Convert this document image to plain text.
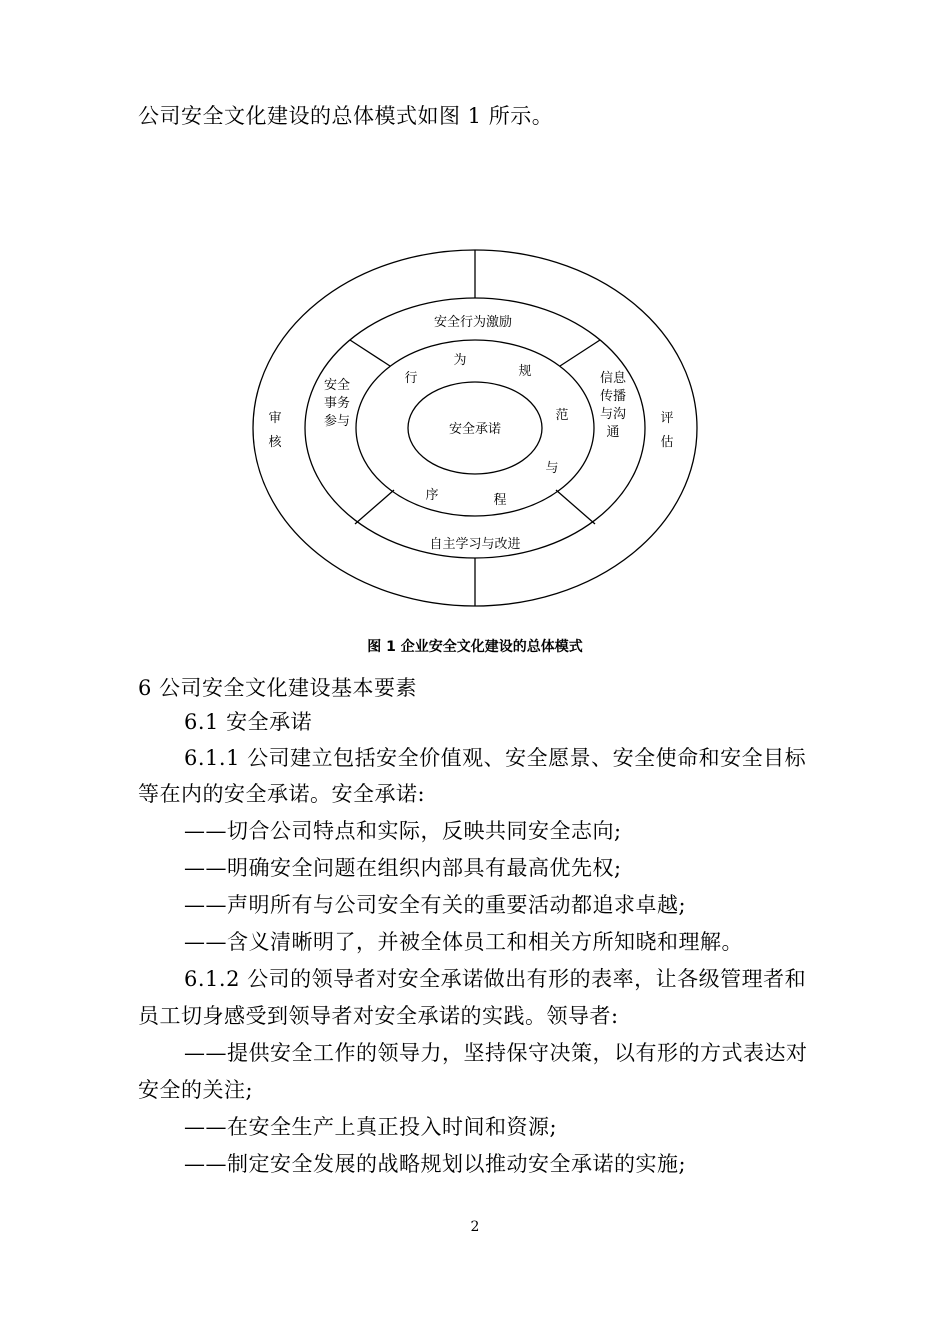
公司安全文化建设的总体模式如图 1 所示。
安全承诺
为
行	规
范
与
序	程
安全行为激励
自主学习与改进
安全
事务
参与
信息
传播
与沟
通
审
核
评
估
图 1 企业安全文化建设的总体模式
6 公司安全文化建设基本要素
6.1 安全承诺
6.1.1 公司建立包括安全价值观、安全愿景、安全使命和安全目标
等在内的安全承诺。安全承诺:
——切合公司特点和实际，反映共同安全志向;
——明确安全问题在组织内部具有最高优先权;
——声明所有与公司安全有关的重要活动都追求卓越;
——含义清晰明了，并被全体员工和相关方所知晓和理解。
6.1.2 公司的领导者对安全承诺做出有形的表率，让各级管理者和
员工切身感受到领导者对安全承诺的实践。领导者:
——提供安全工作的领导力，坚持保守决策，以有形的方式表达对
安全的关注;
——在安全生产上真正投入时间和资源;
——制定安全发展的战略规划以推动安全承诺的实施;
2
